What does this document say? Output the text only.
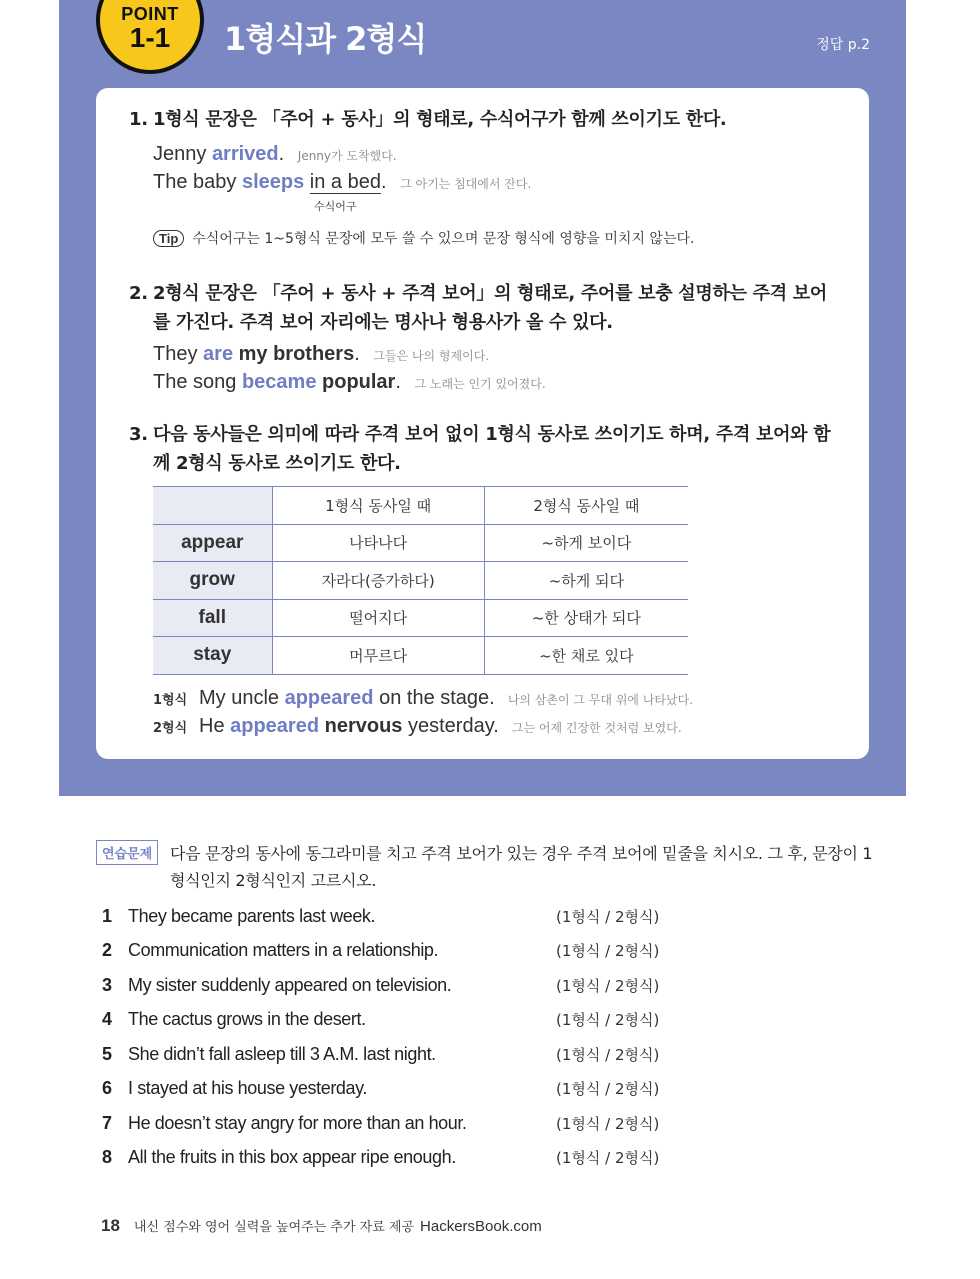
POINT
1-1	1형식과 2형식	정답 p.2
1. 1형식 문장은 「주어 + 동사」의 형태로, 수식어구가 함께 쓰이기도 한다.
Jenny arrived. Jenny가 도착했다.
The baby sleeps in a bed. 그 아기는 침대에서 잔다.
수식어구
Tip 수식어구는 1~5형식 문장에 모두 쓸 수 있으며 문장 형식에 영향을 미치지 않는다.
2. 2형식 문장은 「주어 + 동사 + 주격 보어」의 형태로, 주어를 보충 설명하는 주격 보어를 가진다. 주격 보어 자리에는 명사나 형용사가 올 수 있다.
They are my brothers. 그들은 나의 형제이다.
The song became popular. 그 노래는 인기 있어졌다.
3. 다음 동사들은 의미에 따라 주격 보어 없이 1형식 동사로 쓰이기도 하며, 주격 보어와 함께 2형식 동사로 쓰이기도 한다.
	1형식 동사일 때	2형식 동사일 때
appear	나타나다	~하게 보이다
grow	자라다(증가하다)	~하게 되다
fall	떨어지다	~한 상태가 되다
stay	머무르다	~한 채로 있다
1형식 My uncle appeared on the stage. 나의 삼촌이 그 무대 위에 나타났다.
2형식 He appeared nervous yesterday. 그는 어제 긴장한 것처럼 보였다.
연습문제	다음 문장의 동사에 동그라미를 치고 주격 보어가 있는 경우 주격 보어에 밑줄을 치시오. 그 후, 문장이 1형식인지 2형식인지 고르시오.
1 They became parents last week.	(1형식 / 2형식)
2 Communication matters in a relationship.	(1형식 / 2형식)
3 My sister suddenly appeared on television.	(1형식 / 2형식)
4 The cactus grows in the desert.	(1형식 / 2형식)
5 She didn’t fall asleep till 3 A.M. last night.	(1형식 / 2형식)
6 I stayed at his house yesterday.	(1형식 / 2형식)
7 He doesn’t stay angry for more than an hour.	(1형식 / 2형식)
8 All the fruits in this box appear ripe enough.	(1형식 / 2형식)
18 내신 점수와 영어 실력을 높여주는 추가 자료 제공 HackersBook.com
